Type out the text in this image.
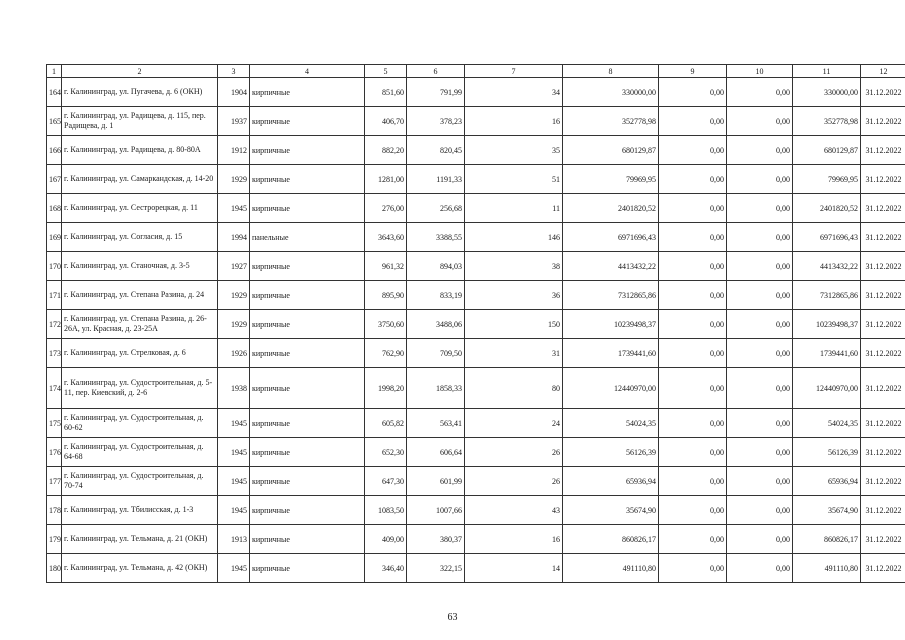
1	2	3	4	5	6	7	8	9	10	11	12
164	г. Калининград, ул. Пугачева, д. 6 (ОКН)	1904	кирпичные	851,60	791,99	34	330000,00	0,00	0,00	330000,00	31.12.2022
165	г. Калининград, ул. Радищева, д. 115, пер. Радищева, д. 1	1937	кирпичные	406,70	378,23	16	352778,98	0,00	0,00	352778,98	31.12.2022
166	г. Калининград, ул. Радищева, д. 80-80А	1912	кирпичные	882,20	820,45	35	680129,87	0,00	0,00	680129,87	31.12.2022
167	г. Калининград, ул. Самаркандская, д. 14-20	1929	кирпичные	1281,00	1191,33	51	79969,95	0,00	0,00	79969,95	31.12.2022
168	г. Калининград, ул. Сестрорецкая, д. 11	1945	кирпичные	276,00	256,68	11	2401820,52	0,00	0,00	2401820,52	31.12.2022
169	г. Калининград, ул. Согласия, д. 15	1994	панельные	3643,60	3388,55	146	6971696,43	0,00	0,00	6971696,43	31.12.2022
170	г. Калининград, ул. Станочная, д. 3-5	1927	кирпичные	961,32	894,03	38	4413432,22	0,00	0,00	4413432,22	31.12.2022
171	г. Калининград, ул. Степана Разина, д. 24	1929	кирпичные	895,90	833,19	36	7312865,86	0,00	0,00	7312865,86	31.12.2022
172	г. Калининград, ул. Степана Разина, д. 26-26А, ул. Красная, д. 23-25А	1929	кирпичные	3750,60	3488,06	150	10239498,37	0,00	0,00	10239498,37	31.12.2022
173	г. Калининград, ул. Стрелковая, д. 6	1926	кирпичные	762,90	709,50	31	1739441,60	0,00	0,00	1739441,60	31.12.2022
174	г. Калининград, ул. Судостроительная, д. 5-11, пер. Киевский, д. 2-6	1938	кирпичные	1998,20	1858,33	80	12440970,00	0,00	0,00	12440970,00	31.12.2022
175	г. Калининград, ул. Судостроительная, д. 60-62	1945	кирпичные	605,82	563,41	24	54024,35	0,00	0,00	54024,35	31.12.2022
176	г. Калининград, ул. Судостроительная, д. 64-68	1945	кирпичные	652,30	606,64	26	56126,39	0,00	0,00	56126,39	31.12.2022
177	г. Калининград, ул. Судостроительная, д. 70-74	1945	кирпичные	647,30	601,99	26	65936,94	0,00	0,00	65936,94	31.12.2022
178	г. Калининград, ул. Тбилисская, д. 1-3	1945	кирпичные	1083,50	1007,66	43	35674,90	0,00	0,00	35674,90	31.12.2022
179	г. Калининград, ул. Тельмана, д. 21 (ОКН)	1913	кирпичные	409,00	380,37	16	860826,17	0,00	0,00	860826,17	31.12.2022
180	г. Калининград, ул. Тельмана, д. 42 (ОКН)	1945	кирпичные	346,40	322,15	14	491110,80	0,00	0,00	491110,80	31.12.2022
63
